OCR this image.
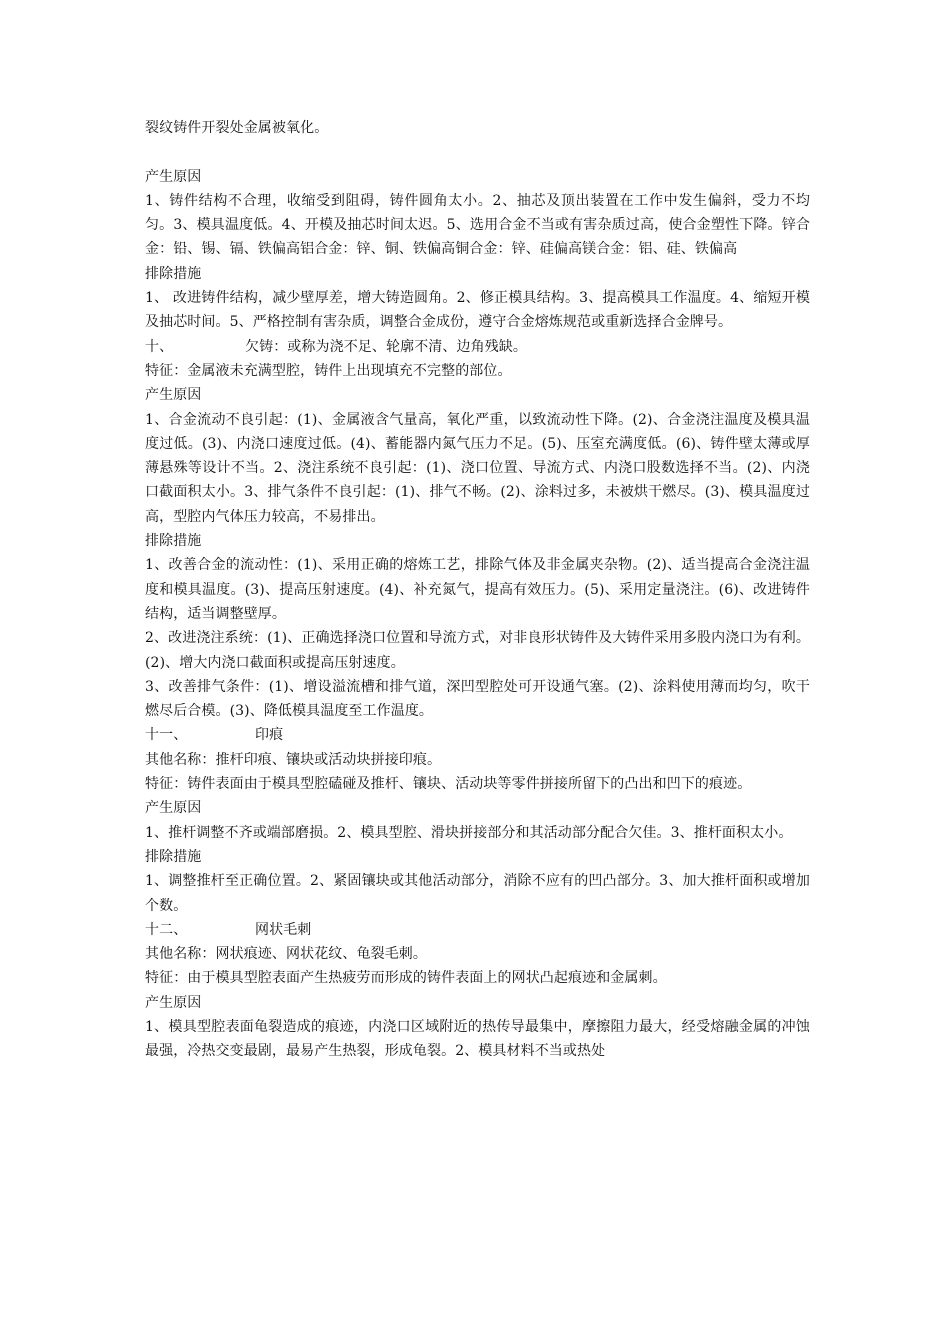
裂纹铸件开裂处金属被氧化。

产生原因

1、铸件结构不合理，收缩受到阻碍，铸件圆角太小。2、抽芯及顶出装置在工作中发生偏斜，受力不均匀。3、模具温度低。4、开模及抽芯时间太迟。5、选用合金不当或有害杂质过高，使合金塑性下降。锌合金：铅、锡、镉、铁偏高铝合金：锌、铜、铁偏高铜合金：锌、硅偏高镁合金：铝、硅、铁偏高

排除措施

1、 改进铸件结构，减少壁厚差，增大铸造圆角。2、修正模具结构。3、提高模具工作温度。4、缩短开模及抽芯时间。5、严格控制有害杂质，调整合金成份，遵守合金熔炼规范或重新选择合金牌号。

十、	欠铸：或称为浇不足、轮廓不清、边角残缺。

特征：金属液未充满型腔，铸件上出现填充不完整的部位。

产生原因

1、合金流动不良引起：(1)、金属液含气量高，氧化严重，以致流动性下降。(2)、合金浇注温度及模具温度过低。(3)、内浇口速度过低。(4)、蓄能器内氮气压力不足。(5)、压室充满度低。(6)、铸件壁太薄或厚薄悬殊等设计不当。2、浇注系统不良引起：(1)、浇口位置、导流方式、内浇口股数选择不当。(2)、内浇口截面积太小。3、排气条件不良引起：(1)、排气不畅。(2)、涂料过多，未被烘干燃尽。(3)、模具温度过高，型腔内气体压力较高，不易排出。

排除措施

1、改善合金的流动性：(1)、采用正确的熔炼工艺，排除气体及非金属夹杂物。(2)、适当提高合金浇注温度和模具温度。(3)、提高压射速度。(4)、补充氮气，提高有效压力。(5)、采用定量浇注。(6)、改进铸件结构，适当调整壁厚。

2、改进浇注系统：(1)、正确选择浇口位置和导流方式，对非良形状铸件及大铸件采用多股内浇口为有利。(2)、增大内浇口截面积或提高压射速度。

3、改善排气条件：(1)、增设溢流槽和排气道，深凹型腔处可开设通气塞。(2)、涂料使用薄而均匀，吹干燃尽后合模。(3)、降低模具温度至工作温度。

十一、	印痕

其他名称：推杆印痕、镶块或活动块拼接印痕。

特征：铸件表面由于模具型腔磕碰及推杆、镶块、活动块等零件拼接所留下的凸出和凹下的痕迹。

产生原因

1、推杆调整不齐或端部磨损。2、模具型腔、滑块拼接部分和其活动部分配合欠佳。3、推杆面积太小。

排除措施

1、调整推杆至正确位置。2、紧固镶块或其他活动部分，消除不应有的凹凸部分。3、加大推杆面积或增加个数。

十二、	网状毛刺

其他名称：网状痕迹、网状花纹、龟裂毛刺。

特征：由于模具型腔表面产生热疲劳而形成的铸件表面上的网状凸起痕迹和金属刺。

产生原因

1、模具型腔表面龟裂造成的痕迹，内浇口区域附近的热传导最集中，摩擦阻力最大，经受熔融金属的冲蚀最强，冷热交变最剧，最易产生热裂，形成龟裂。2、模具材料不当或热处
